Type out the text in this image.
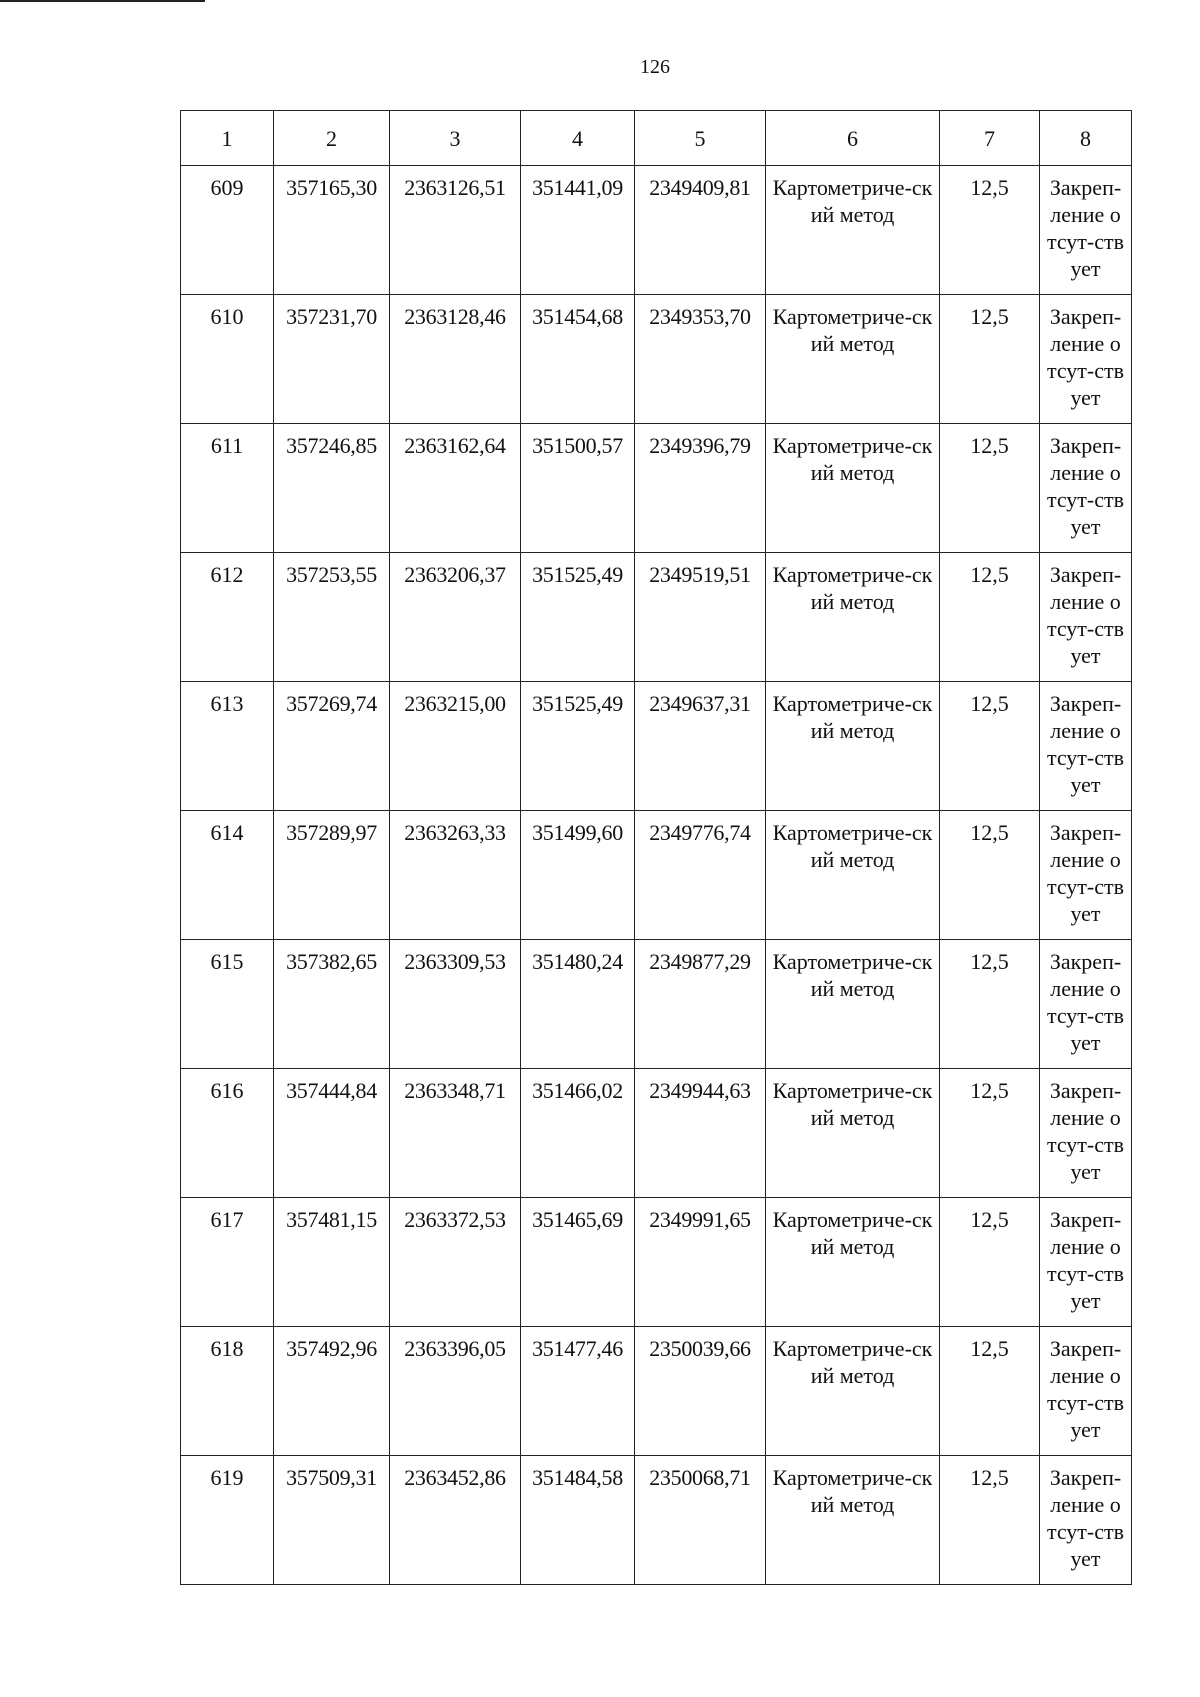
126
1	2	3	4	5	6	7	8
609	357165,30	2363126,51	351441,09	2349409,81	Картометриче-ский метод	12,5	Закреп-ление отсут-ствует

610	357231,70	2363128,46	351454,68	2349353,70	Картометриче-ский метод	12,5	Закреп-ление отсут-ствует

611	357246,85	2363162,64	351500,57	2349396,79	Картометриче-ский метод	12,5	Закреп-ление отсут-ствует

612	357253,55	2363206,37	351525,49	2349519,51	Картометриче-ский метод	12,5	Закреп-ление отсут-ствует

613	357269,74	2363215,00	351525,49	2349637,31	Картометриче-ский метод	12,5	Закреп-ление отсут-ствует

614	357289,97	2363263,33	351499,60	2349776,74	Картометриче-ский метод	12,5	Закреп-ление отсут-ствует

615	357382,65	2363309,53	351480,24	2349877,29	Картометриче-ский метод	12,5	Закреп-ление отсут-ствует

616	357444,84	2363348,71	351466,02	2349944,63	Картометриче-ский метод	12,5	Закреп-ление отсут-ствует

617	357481,15	2363372,53	351465,69	2349991,65	Картометриче-ский метод	12,5	Закреп-ление отсут-ствует

618	357492,96	2363396,05	351477,46	2350039,66	Картометриче-ский метод	12,5	Закреп-ление отсут-ствует

619	357509,31	2363452,86	351484,58	2350068,71	Картометриче-ский метод	12,5	Закреп-ление отсут-ствует
